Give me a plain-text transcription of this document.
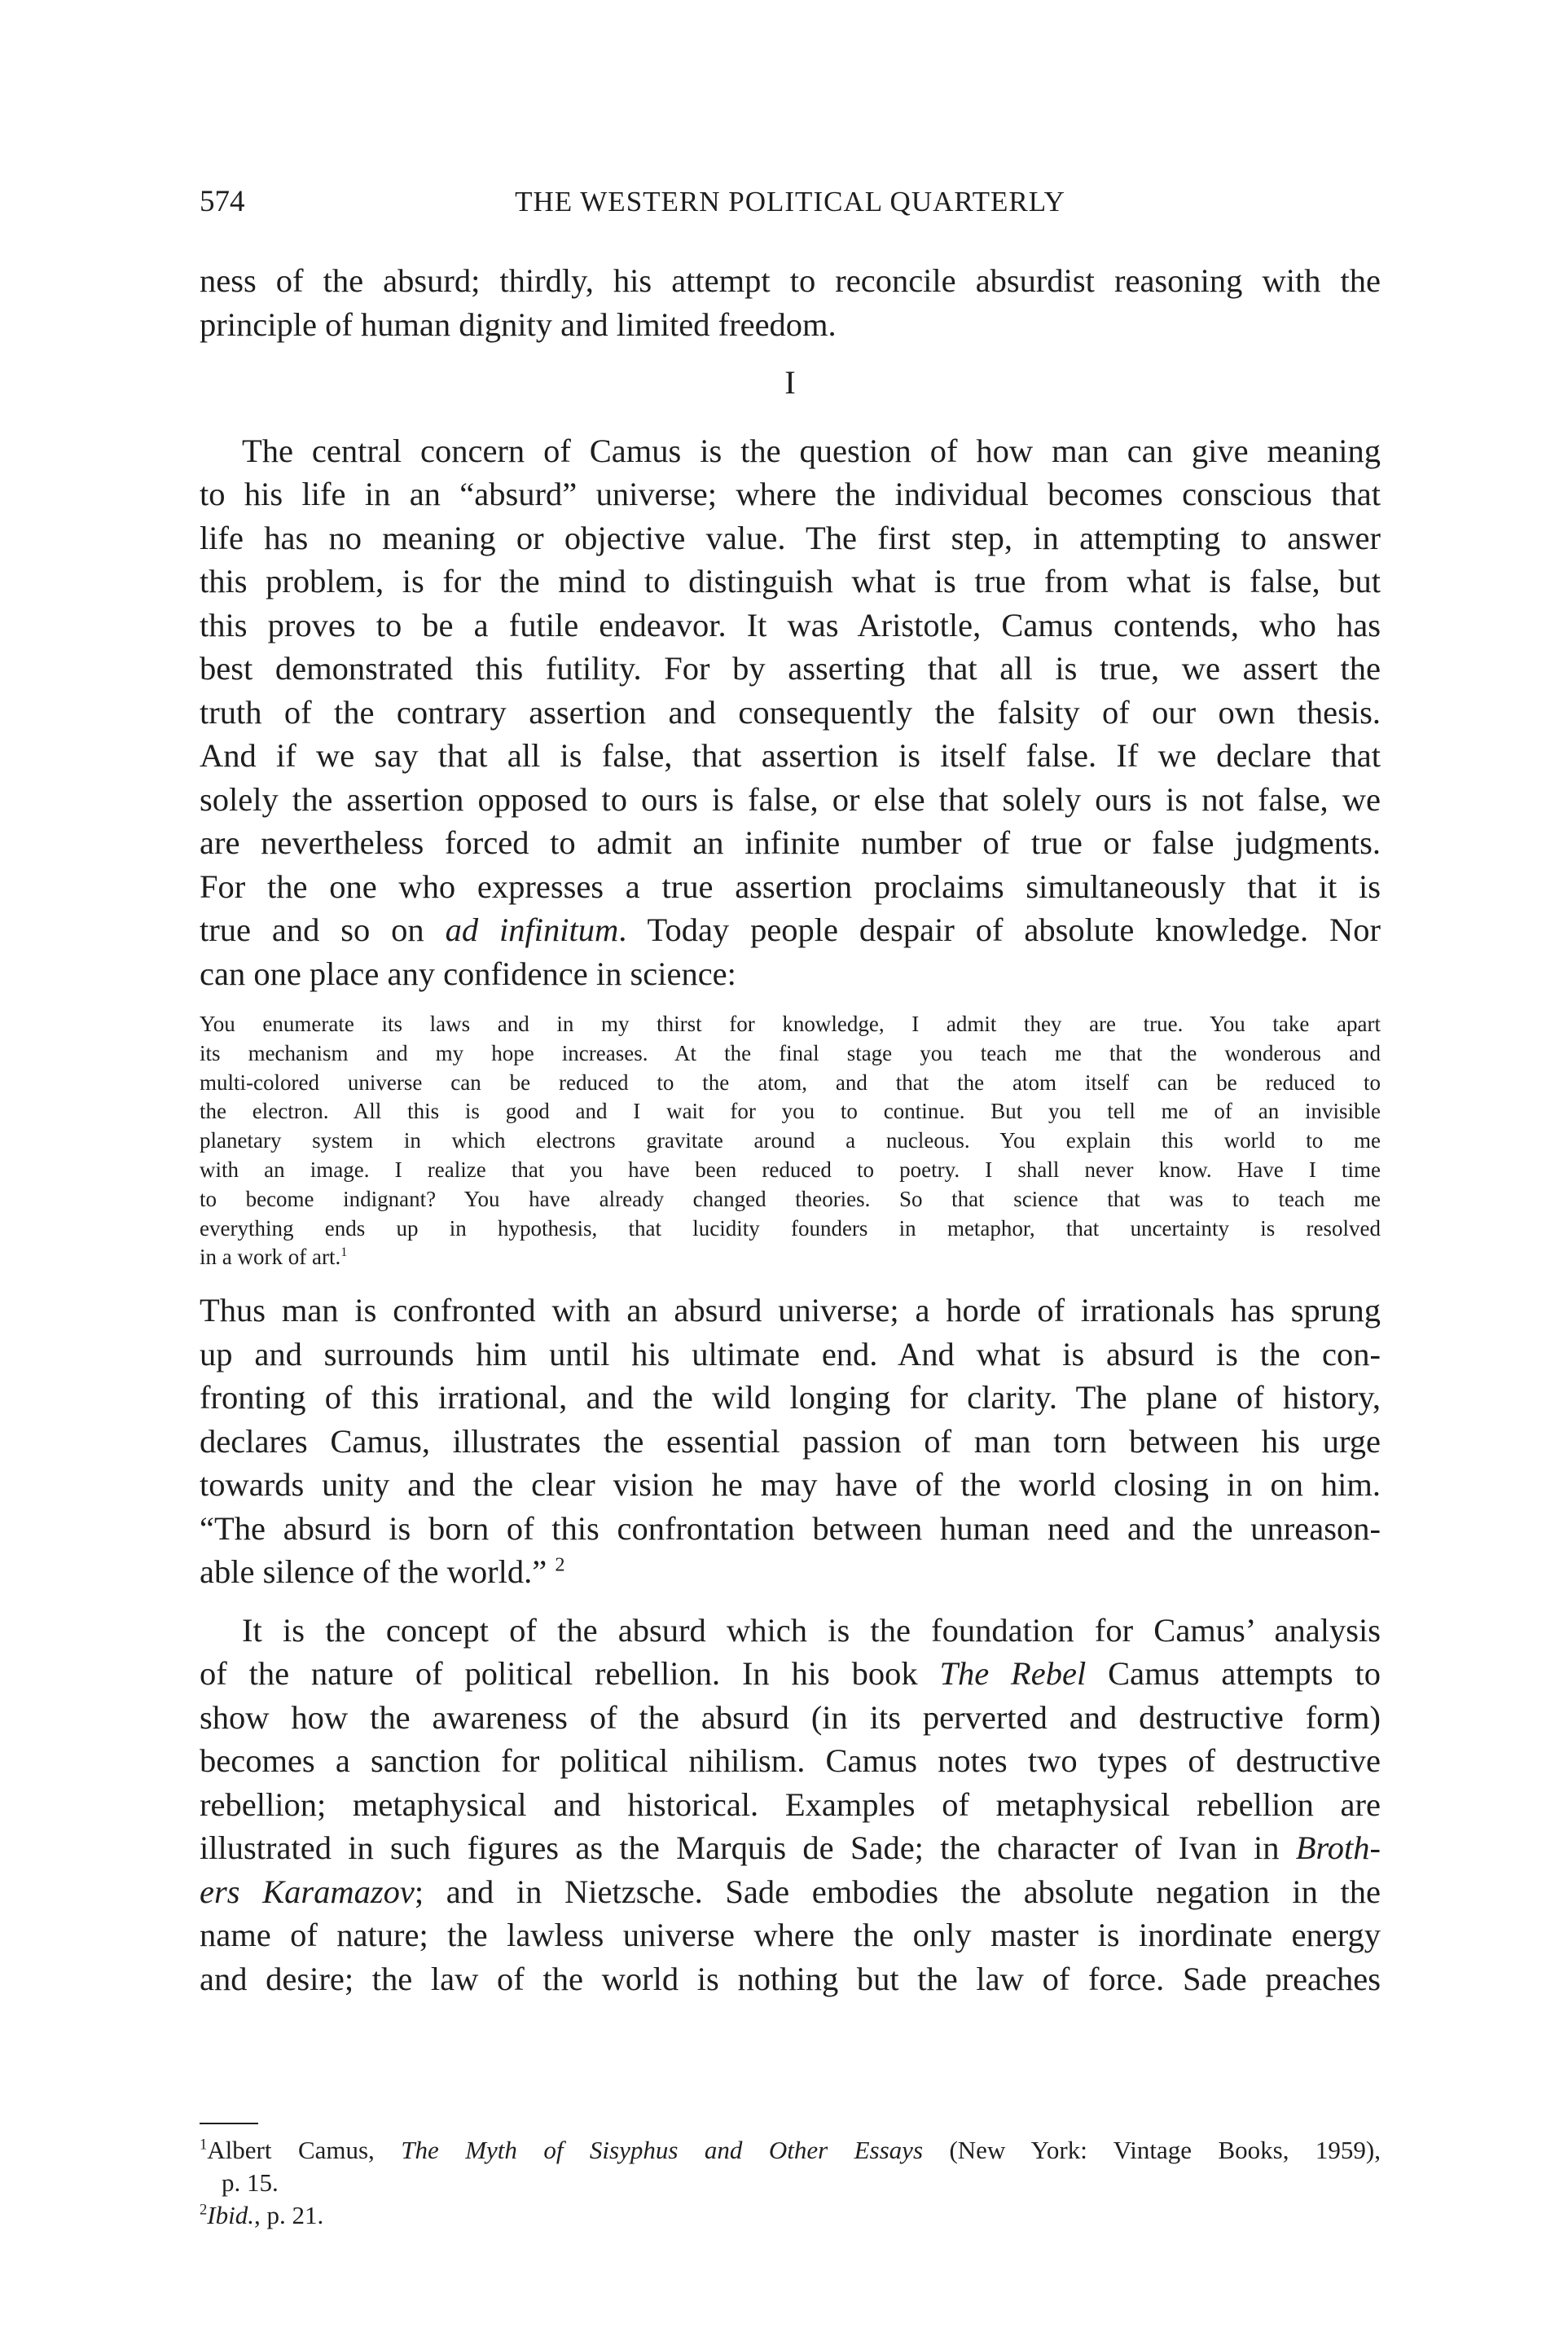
574	THE WESTERN POLITICAL QUARTERLY
ness of the absurd; thirdly, his attempt to reconcile absurdist reasoning with the
principle of human dignity and limited freedom.
I
The central concern of Camus is the question of how man can give meaning
to his life in an “absurd” universe; where the individual becomes conscious that
life has no meaning or objective value. The first step, in attempting to answer
this problem, is for the mind to distinguish what is true from what is false, but
this proves to be a futile endeavor. It was Aristotle, Camus contends, who has
best demonstrated this futility. For by asserting that all is true, we assert the
truth of the contrary assertion and consequently the falsity of our own thesis.
And if we say that all is false, that assertion is itself false. If we declare that
solely the assertion opposed to ours is false, or else that solely ours is not false, we
are nevertheless forced to admit an infinite number of true or false judgments.
For the one who expresses a true assertion proclaims simultaneously that it is
true and so on ad infinitum. Today people despair of absolute knowledge. Nor
can one place any confidence in science:
You enumerate its laws and in my thirst for knowledge, I admit they are true. You take apart
its mechanism and my hope increases. At the final stage you teach me that the wonderous and
multi-colored universe can be reduced to the atom, and that the atom itself can be reduced to
the electron. All this is good and I wait for you to continue. But you tell me of an invisible
planetary system in which electrons gravitate around a nucleous. You explain this world to me
with an image. I realize that you have been reduced to poetry. I shall never know. Have I time
to become indignant? You have already changed theories. So that science that was to teach me
everything ends up in hypothesis, that lucidity founders in metaphor, that uncertainty is resolved
in a work of art.$^1$
Thus man is confronted with an absurd universe; a horde of irrationals has sprung
up and surrounds him until his ultimate end. And what is absurd is the con-
fronting of this irrational, and the wild longing for clarity. The plane of history,
declares Camus, illustrates the essential passion of man torn between his urge
towards unity and the clear vision he may have of the world closing in on him.
“The absurd is born of this confrontation between human need and the unreason-
able silence of the world.” $^2$
It is the concept of the absurd which is the foundation for Camus’ analysis
of the nature of political rebellion. In his book The Rebel Camus attempts to
show how the awareness of the absurd (in its perverted and destructive form)
becomes a sanction for political nihilism. Camus notes two types of destructive
rebellion; metaphysical and historical. Examples of metaphysical rebellion are
illustrated in such figures as the Marquis de Sade; the character of Ivan in Broth-
ers Karamazov; and in Nietzsche. Sade embodies the absolute negation in the
name of nature; the lawless universe where the only master is inordinate energy
and desire; the law of the world is nothing but the law of force. Sade preaches
$^1$Albert Camus, The Myth of Sisyphus and Other Essays (New York: Vintage Books, 1959),
p. 15.
$^2$Ibid., p. 21.
